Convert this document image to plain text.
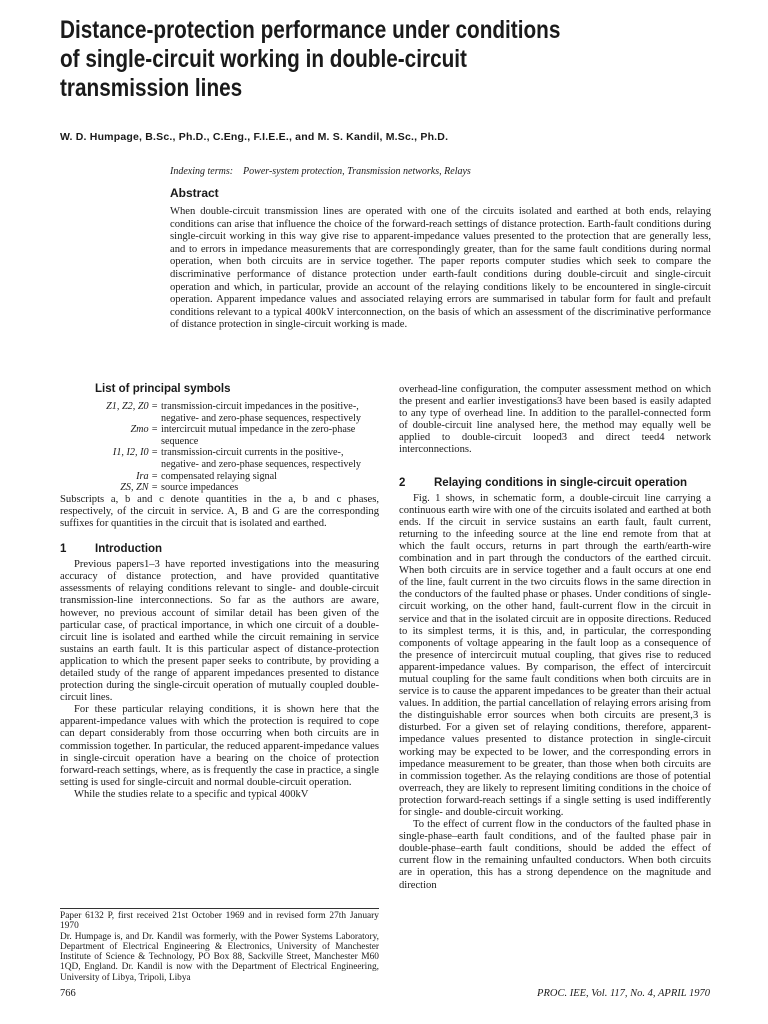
Distance-protection performance under conditions
of single-circuit working in double-circuit
transmission lines
W. D. Humpage, B.Sc., Ph.D., C.Eng., F.I.E.E., and M. S. Kandil, M.Sc., Ph.D.
Indexing terms: Power-system protection, Transmission networks, Relays
Abstract
When double-circuit transmission lines are operated with one of the circuits isolated and earthed at both ends, relaying conditions can arise that influence the choice of the forward-reach settings of distance protection. Earth-fault conditions during single-circuit working in this way give rise to apparent-impedance values presented to the protection that are generally less, and to errors in impedance measurements that are correspondingly greater, than for the same fault conditions during normal operation, when both circuits are in service together. The paper reports computer studies which seek to compare the discriminative performance of distance protection under earth-fault conditions during double-circuit and single-circuit operation and which, in particular, provide an account of the relaying conditions likely to be encountered in single-circuit operation. Apparent impedance values and associated relaying errors are summarised in tabular form for fault and prefault conditions relevant to a typical 400kV interconnection, on the basis of which an assessment of the discriminative performance of distance protection in single-circuit working is made.
List of principal symbols
Z1, Z2, Z0 = transmission-circuit impedances in the positive-, negative- and zero-phase sequences, respectively
Zmo = intercircuit mutual impedance in the zero-phase sequence
I1, I2, I0 = transmission-circuit currents in the positive-, negative- and zero-phase sequences, respectively
Ira = compensated relaying signal
ZS, ZN = source impedances

Subscripts a, b and c denote quantities in the a, b and c phases, respectively, of the circuit in service. A, B and G are the corresponding suffixes for quantities in the circuit that is isolated and earthed.

1	Introduction

Previous papers1–3 have reported investigations into the measuring accuracy of distance protection, and have provided quantitative assessments of relaying conditions relevant to single- and double-circuit transmission-line interconnections. So far as the authors are aware, however, no previous account of similar detail has been given of the particular case, of practical importance, in which one circuit of a double-circuit line is isolated and earthed while the circuit remaining in service sustains an earth fault. It is this particular aspect of distance-protection application to which the present paper seeks to contribute, by providing a detailed study of the range of apparent impedances presented to distance protection during the single-circuit operation of mutually coupled double-circuit lines.

For these particular relaying conditions, it is shown here that the apparent-impedance values with which the protection is required to cope can depart considerably from those occurring when both circuits are in commission together. In particular, the reduced apparent-impedance values in single-circuit operation have a bearing on the choice of protection forward-reach settings, where, as is frequently the case in practice, a single setting is used for single-circuit and normal double-circuit operation.

While the studies relate to a specific and typical 400kV

overhead-line configuration, the computer assessment method on which the present and earlier investigations3 have been based is easily adapted to any type of overhead line. In addition to the parallel-connected form of double-circuit line analysed here, the method may equally well be applied to double-circuit looped3 and direct teed4 network interconnections.

2	Relaying conditions in single-circuit operation

Fig. 1 shows, in schematic form, a double-circuit line carrying a continuous earth wire with one of the circuits isolated and earthed at both ends. If the circuit in service sustains an earth fault, fault current, returning to the infeeding source at the line end remote from that at which the fault occurs, returns in part through the earth/earth-wire combination and in part through the conductors of the earthed circuit. When both circuits are in service together and a fault occurs at one end of the line, fault current in the two circuits flows in the same direction in the conductors of the faulted phase or phases. Under conditions of single-circuit working, on the other hand, fault-current flow in the circuit in service and that in the isolated circuit are in opposite directions. Reduced to its simplest terms, it is this, and, in particular, the corresponding components of voltage appearing in the fault loop as a consequence of the presence of intercircuit mutual coupling, that gives rise to reduced apparent-impedance values. By comparison, the effect of intercircuit mutual coupling for the same fault conditions when both circuits are in service is to cause the apparent impedances to be greater than their actual values. In addition, the partial cancellation of relaying errors arising from the distinguishable error sources when both circuits are present,3 is disturbed. For a given set of relaying conditions, therefore, apparent-impedance values presented to distance protection in single-circuit working may be expected to be lower, and the corresponding errors in impedance measurement to be greater, than those when both circuits are in commission together. As the relaying conditions are those of potential overreach, they are likely to represent limiting conditions in the choice of protection forward-reach settings if a single setting is used indifferently for single- and double-circuit working.

To the effect of current flow in the conductors of the faulted phase in single-phase–earth fault conditions, and of the faulted phase pair in double-phase–earth fault conditions, should be added the effect of current flow in the remaining unfaulted conductors. When both circuits are in operation, this has a strong dependence on the magnitude and direction

Paper 6132 P, first received 21st October 1969 and in revised form 27th January 1970
Dr. Humpage is, and Dr. Kandil was formerly, with the Power Systems Laboratory, Department of Electrical Engineering & Electronics, University of Manchester Institute of Science & Technology, PO Box 88, Sackville Street, Manchester M60 1QD, England. Dr. Kandil is now with the Department of Electrical Engineering, University of Libya, Tripoli, Libya
766	PROC. IEE, Vol. 117, No. 4, APRIL 1970
